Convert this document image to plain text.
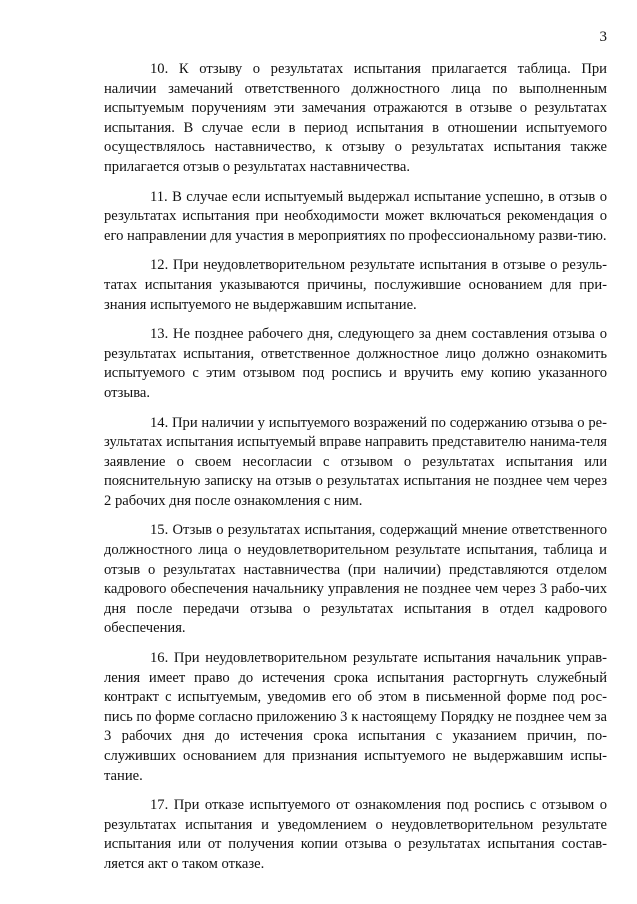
3

10. К отзыву о результатах испытания прилагается таблица. При наличии замечаний ответственного должностного лица по выполненным испытуемым поручениям эти замечания отражаются в отзыве о результатах испытания. В случае если в период испытания в отношении испытуемого осуществлялось наставничество, к отзыву о результатах испытания также прилагается отзыв о результатах наставничества.

11. В случае если испытуемый выдержал испытание успешно, в отзыв о результатах испытания при необходимости может включаться рекомендация о его направлении для участия в мероприятиях по профессиональному разви-тию.

12. При неудовлетворительном результате испытания в отзыве о резуль-татах испытания указываются причины, послужившие основанием для при-знания испытуемого не выдержавшим испытание.

13. Не позднее рабочего дня, следующего за днем составления отзыва о результатах испытания, ответственное должностное лицо должно ознакомить испытуемого с этим отзывом под роспись и вручить ему копию указанного отзыва.

14. При наличии у испытуемого возражений по содержанию отзыва о ре-зультатах испытания испытуемый вправе направить представителю нанима-теля заявление о своем несогласии с отзывом о результатах испытания или пояснительную записку на отзыв о результатах испытания не позднее чем через 2 рабочих дня после ознакомления с ним.

15. Отзыв о результатах испытания, содержащий мнение ответственного должностного лица о неудовлетворительном результате испытания, таблица и отзыв о результатах наставничества (при наличии) представляются отделом кадрового обеспечения начальнику управления не позднее чем через 3 рабо-чих дня после передачи отзыва о результатах испытания в отдел кадрового обеспечения.

16. При неудовлетворительном результате испытания начальник управ-ления имеет право до истечения срока испытания расторгнуть служебный контракт с испытуемым, уведомив его об этом в письменной форме под рос-пись по форме согласно приложению 3 к настоящему Порядку не позднее чем за 3 рабочих дня до истечения срока испытания с указанием причин, по-служивших основанием для признания испытуемого не выдержавшим испы-тание.

17. При отказе испытуемого от ознакомления под роспись с отзывом о результатах испытания и уведомлением о неудовлетворительном результате испытания или от получения копии отзыва о результатах испытания состав-ляется акт о таком отказе.
